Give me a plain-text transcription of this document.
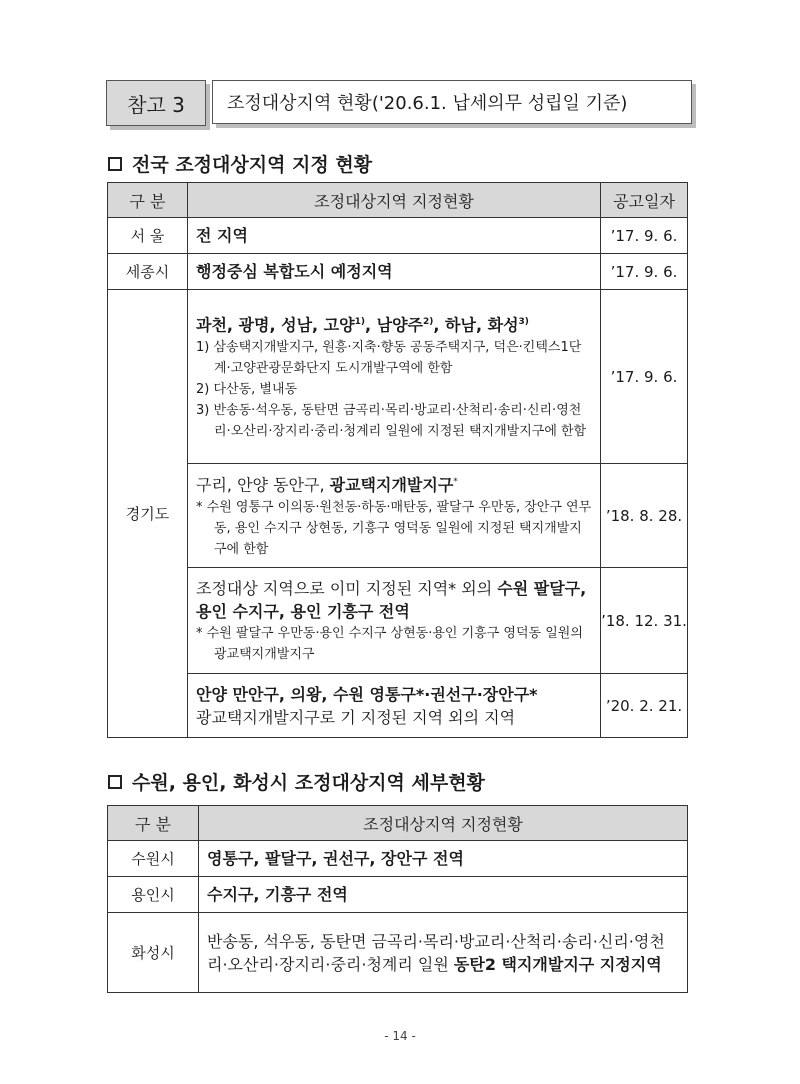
참고 3 조정대상지역 현황('20.6.1. 납세의무 성립일 기준)
전국 조정대상지역 지정 현황
구 분	조정대상지역 지정현황	공고일자
서 울	전 지역	’17. 9. 6.
세종시	행정중심 복합도시 예정지역	’17. 9. 6.
경기도	과천, 광명, 성남, 고양$^{1)}$, 남양주$^{2)}$, 하남, 화성$^{3)}$
1) 삼송택지개발지구, 원흥·지축·향동 공동주택지구, 덕은·킨텍스1단계·고양관광문화단지 도시개발구역에 한함
2) 다산동, 별내동
3) 반송동·석우동, 동탄면 금곡리·목리·방교리·산척리·송리·신리·영천리·오산리·장지리·중리·청계리 일원에 지정된 택지개발지구에 한함	’17. 9. 6.

	구리, 안양 동안구, 광교택지개발지구*
* 수원 영통구 이의동·원천동·하동·매탄동, 팔달구 우만동, 장안구 연무동, 용인 수지구 상현동, 기흥구 영덕동 일원에 지정된 택지개발지구에 한함	’18. 8. 28.

	조정대상 지역으로 이미 지정된 지역* 외의 수원 팔달구, 용인 수지구, 용인 기흥구 전역
* 수원 팔달구 우만동·용인 수지구 상현동·용인 기흥구 영덕동 일원의 광교택지개발지구	’18. 12. 31.

	안양 만안구, 의왕, 수원 영통구*·권선구·장안구*
광교택지개발지구로 기 지정된 지역 외의 지역	’20. 2. 21.
수원, 용인, 화성시 조정대상지역 세부현황
구 분	조정대상지역 지정현황
수원시	영통구, 팔달구, 권선구, 장안구 전역
용인시	수지구, 기흥구 전역
화성시	반송동, 석우동, 동탄면 금곡리·목리·방교리·산척리·송리·신리·영천리·오산리·장지리·중리·청계리 일원 동탄2 택지개발지구 지정지역
- 14 -
